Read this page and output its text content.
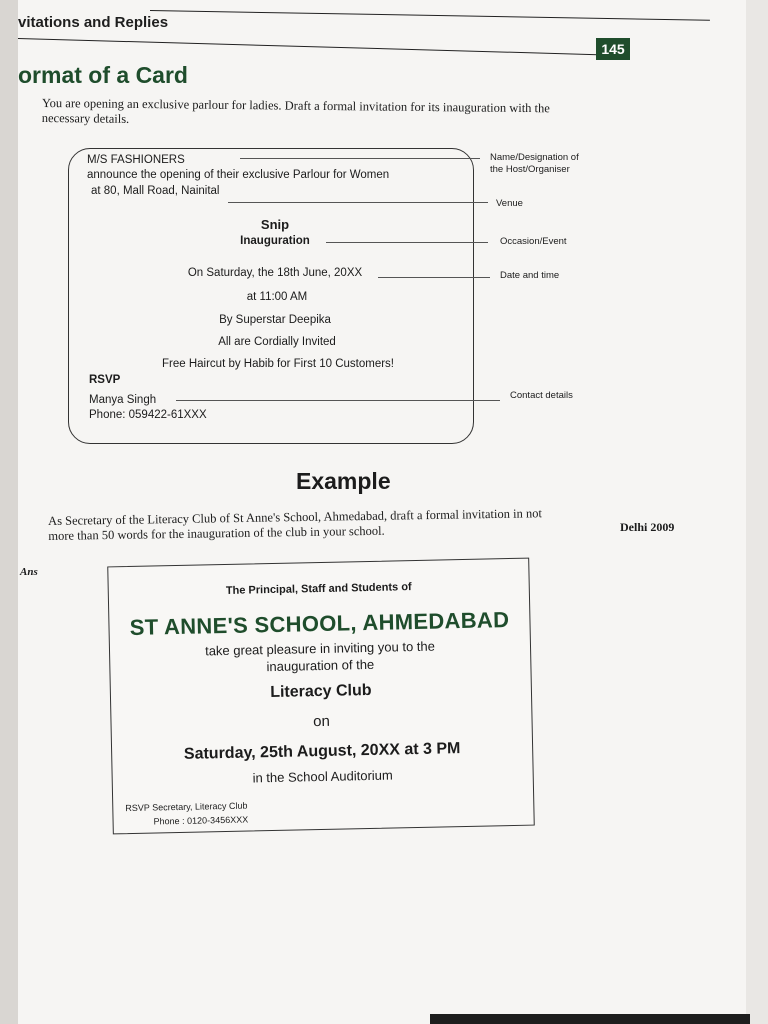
vitations and Replies
145
ormat of a Card
You are opening an exclusive parlour for ladies. Draft a formal invitation for its inauguration with the
necessary details.
M/S FASHIONERS
announce the opening of their exclusive Parlour for Women
at 80, Mall Road, Nainital
Snip
Inauguration
On Saturday, the 18th June, 20XX
at 11:00 AM
By Superstar Deepika
All are Cordially Invited
Free Haircut by Habib for First 10 Customers!
RSVP
Manya Singh
Phone: 059422-61XXX
Name/Designation of
the Host/Organiser
Venue
Occasion/Event
Date and time
Contact details
Example
As Secretary of the Literacy Club of St Anne's School, Ahmedabad, draft a formal invitation in not
more than 50 words for the inauguration of the club in your school.	Delhi 2009
Ans
The Principal, Staff and Students of
ST ANNE'S SCHOOL, AHMEDABAD
take great pleasure in inviting you to the
inauguration of the
Literacy Club
on
Saturday, 25th August, 20XX at 3 PM
in the School Auditorium
RSVP Secretary, Literacy Club
Phone : 0120-3456XXX
